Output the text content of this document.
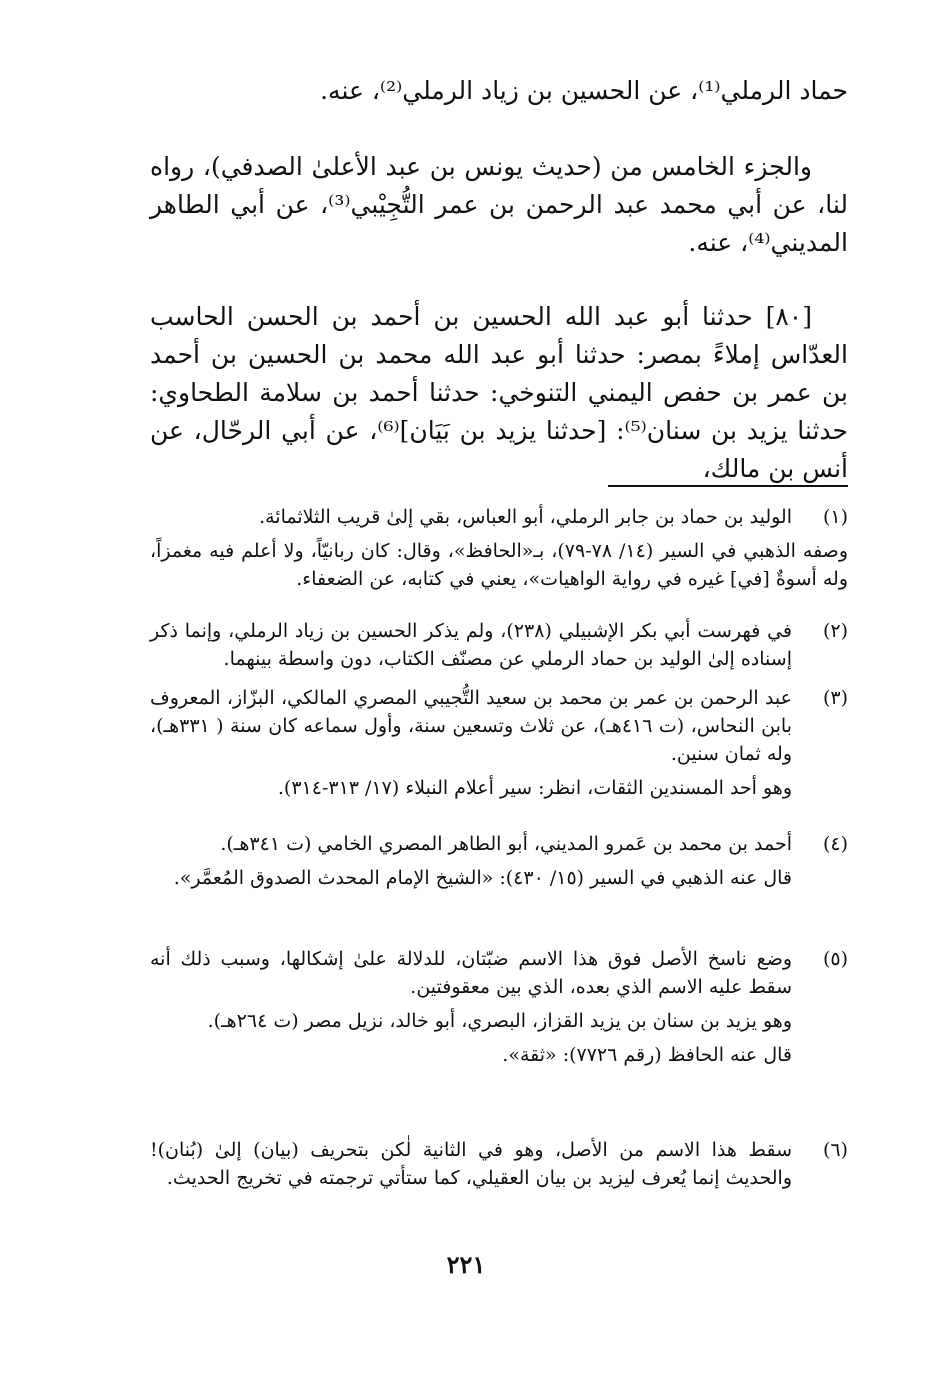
حماد الرملي⁽¹⁾، عن الحسين بن زياد الرملي⁽²⁾، عنه.

والجزء الخامس من (حديث يونس بن عبد الأعلىٰ الصدفي)، رواه لنا، عن أبي محمد عبد الرحمن بن عمر التُّجِيْبي⁽³⁾، عن أبي الطاهر المديني⁽⁴⁾، عنه.

[٨٠] حدثنا أبو عبد الله الحسين بن أحمد بن الحسن الحاسب العدّاس إملاءً بمصر: حدثنا أبو عبد الله محمد بن الحسين بن أحمد بن عمر بن حفص اليمني التنوخي: حدثنا أحمد بن سلامة الطحاوي: حدثنا يزيد بن سنان⁽⁵⁾: [حدثنا يزيد بن بَيَان]⁽⁶⁾، عن أبي الرحّال، عن أنس بن مالك،

(١)
الوليد بن حماد بن جابر الرملي، أبو العباس، بقي إلىٰ قريب الثلاثمائة.
وصفه الذهبي في السير (١٤/ ٧٨-٧٩)، بـ«الحافظ»، وقال: كان ربانيّاً، ولا أعلم فيه مغمزاً، وله أسوةٌ [في] غيره في رواية الواهيات»، يعني في كتابه، عن الضعفاء.
(٢)
في فهرست أبي بكر الإشبيلي (٢٣٨)، ولم يذكر الحسين بن زياد الرملي، وإنما ذكر إسناده إلىٰ الوليد بن حماد الرملي عن مصنّف الكتاب، دون واسطة بينهما.
(٣)
عبد الرحمن بن عمر بن محمد بن سعيد التُّجيبي المصري المالكي، البزّاز، المعروف بابن النحاس، (ت ٤١٦هـ)، عن ثلاث وتسعين سنة، وأول سماعه كان سنة ( ٣٣١هـ)، وله ثمان سنين.
وهو أحد المسندين الثقات، انظر: سير أعلام النبلاء (١٧/ ٣١٣-٣١٤).
(٤)
أحمد بن محمد بن عَمرو المديني، أبو الطاهر المصري الخامي (ت ٣٤١هـ).
قال عنه الذهبي في السير (١٥/ ٤٣٠): «الشيخ الإمام المحدث الصدوق المُعمَّر».
(٥)
وضع ناسخ الأصل فوق هذا الاسم ضبّتان، للدلالة علىٰ إشكالها، وسبب ذلك أنه سقط عليه الاسم الذي بعده، الذي بين معقوفتين.
وهو يزيد بن سنان بن يزيد القزاز، البصري، أبو خالد، نزيل مصر (ت ٢٦٤هـ).
قال عنه الحافظ (رقم ٧٧٢٦): «ثقة».
(٦)
سقط هذا الاسم من الأصل، وهو في الثانية لٰكن بتحريف (بيان) إلىٰ (بُنان)! والحديث إنما يُعرف ليزيد بن بيان العقيلي، كما ستأتي ترجمته في تخريج الحديث.
٢٢١
